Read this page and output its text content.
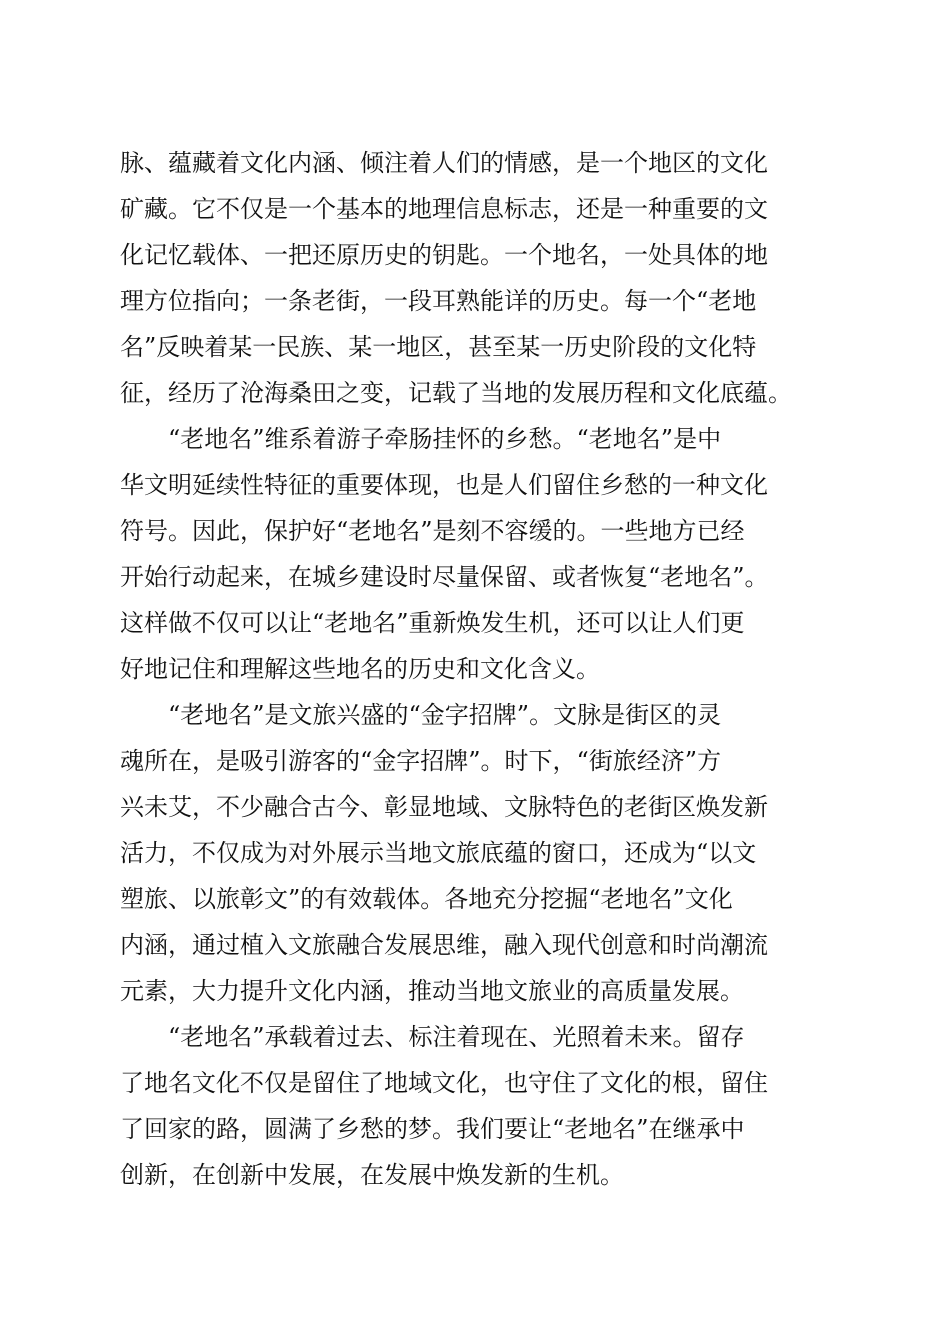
脉、蕴藏着文化内涵、倾注着人们的情感，是一个地区的文化
矿藏。它不仅是一个基本的地理信息标志，还是一种重要的文
化记忆载体、一把还原历史的钥匙。一个地名，一处具体的地
理方位指向；一条老街，一段耳熟能详的历史。每一个“老地
名”反映着某一民族、某一地区，甚至某一历史阶段的文化特
征，经历了沧海桑田之变，记载了当地的发展历程和文化底蕴。
“老地名”维系着游子牵肠挂怀的乡愁。“老地名”是中
华文明延续性特征的重要体现，也是人们留住乡愁的一种文化
符号。因此，保护好“老地名”是刻不容缓的。一些地方已经
开始行动起来，在城乡建设时尽量保留、或者恢复“老地名”。
这样做不仅可以让“老地名”重新焕发生机，还可以让人们更
好地记住和理解这些地名的历史和文化含义。
“老地名”是文旅兴盛的“金字招牌”。文脉是街区的灵
魂所在，是吸引游客的“金字招牌”。时下，“街旅经济”方
兴未艾，不少融合古今、彰显地域、文脉特色的老街区焕发新
活力，不仅成为对外展示当地文旅底蕴的窗口，还成为“以文
塑旅、以旅彰文”的有效载体。各地充分挖掘“老地名”文化
内涵，通过植入文旅融合发展思维，融入现代创意和时尚潮流
元素，大力提升文化内涵，推动当地文旅业的高质量发展。
“老地名”承载着过去、标注着现在、光照着未来。留存
了地名文化不仅是留住了地域文化，也守住了文化的根，留住
了回家的路，圆满了乡愁的梦。我们要让“老地名”在继承中
创新，在创新中发展，在发展中焕发新的生机。
